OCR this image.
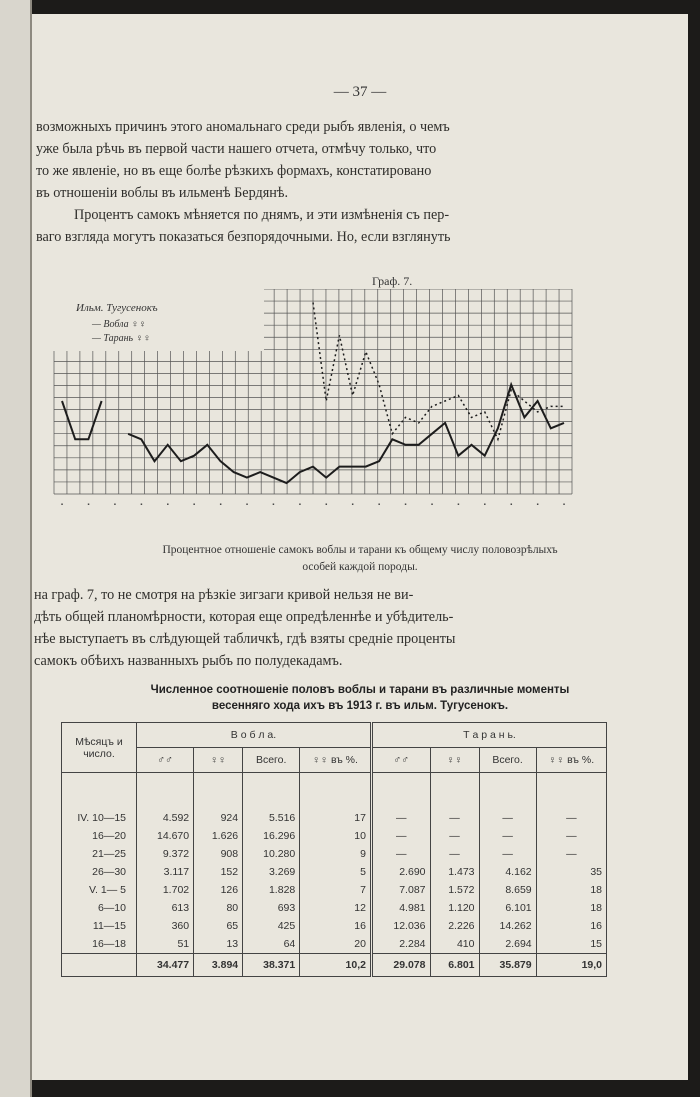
— 37 —

возможныхъ причинъ этого аномальнаго среди рыбъ явленія, о чемъ

уже была рѣчь въ первой части нашего отчета, отмѣчу только, что

то же явленіе, но въ еще болѣе рѣзкихъ формахъ, констатировано

въ отношеніи воблы въ ильменѣ Бердянѣ.

Процентъ самокъ мѣняется по днямъ, и эти измѣненія съ пер-

ваго взгляда могутъ показаться безпорядочными. Но, если взглянуть

Граф. 7.
Ильм. Тугусенокъ
— Вобла ♀♀
— Тарань ♀♀
▪	▪	▪	▪	▪	▪	▪	▪	▪	▪	▪	▪	▪	▪	▪	▪	▪	▪	▪	▪
Процентное отношеніе самокъ воблы и тарани къ общему числу половозрѣлыхъ
особей каждой породы.

на граф. 7, то не смотря на рѣзкіе зигзаги кривой нельзя не ви-

дѣть общей планомѣрности, которая еще опредѣленнѣе и убѣдитель-

нѣе выступаетъ въ слѣдующей табличкѣ, гдѣ взяты средніе проценты

самокъ обѣихъ названныхъ рыбъ по полудекадамъ.

Численное соотношеніе половъ воблы и тарани въ различные моменты
весенняго хода ихъ въ 1913 г. въ ильм. Тугусенокъ.
Мѣсяцъ и число.	В о б л а.				Т а р а н ь.			
	♂♂	♀♀	Всего.	♀♀ въ %.	♂♂	♀♀	Всего.	♀♀ въ %.

IV. 10—15	4.592	924	5.516	17	—	—	—	—
16—20	14.670	1.626	16.296	10	—	—	—	—
21—25	9.372	908	10.280	9	—	—	—	—
26—30	3.117	152	3.269	5	2.690	1.473	4.162	35
V. 1— 5	1.702	126	1.828	7	7.087	1.572	8.659	18
6—10	613	80	693	12	4.981	1.120	6.101	18
11—15	360	65	425	16	12.036	2.226	14.262	16
16—18	51	13	64	20	2.284	410	2.694	15
	34.477	3.894	38.371	10,2	29.078	6.801	35.879	19,0
